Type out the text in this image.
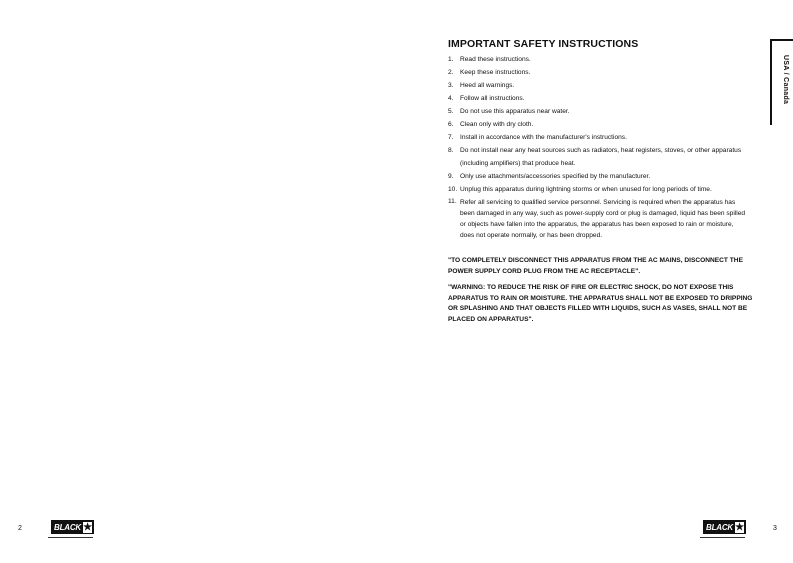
IMPORTANT SAFETY INSTRUCTIONS
1. Read these instructions.
2. Keep these instructions.
3. Heed all warnings.
4. Follow all instructions.
5. Do not use this apparatus near water.
6. Clean only with dry cloth.
7. Install in accordance with the manufacturer's instructions.
8. Do not install near any heat sources such as radiators, heat registers, stoves, or other apparatus (including amplifiers) that produce heat.
9. Only use attachments/accessories specified by the manufacturer.
10. Unplug this apparatus during lightning storms or when unused for long periods of time.
11. Refer all servicing to qualified service personnel. Servicing is required when the apparatus has been damaged in any way, such as power-supply cord or plug is damaged, liquid has been spilled or objects have fallen into the apparatus, the apparatus has been exposed to rain or moisture, does not operate normally, or has been dropped.
"TO COMPLETELY DISCONNECT THIS APPARATUS FROM THE AC MAINS, DISCONNECT THE POWER SUPPLY CORD PLUG FROM THE AC RECEPTACLE".
"WARNING: TO REDUCE THE RISK OF FIRE OR ELECTRIC SHOCK, DO NOT EXPOSE THIS APPARATUS TO RAIN OR MOISTURE. THE APPARATUS SHALL NOT BE EXPOSED TO DRIPPING OR SPLASHING AND THAT OBJECTS FILLED WITH LIQUIDS, SUCH AS VASES, SHALL NOT BE PLACED ON APPARATUS".
USA / Canada
2	BLACK ★	BLACK ★	3
